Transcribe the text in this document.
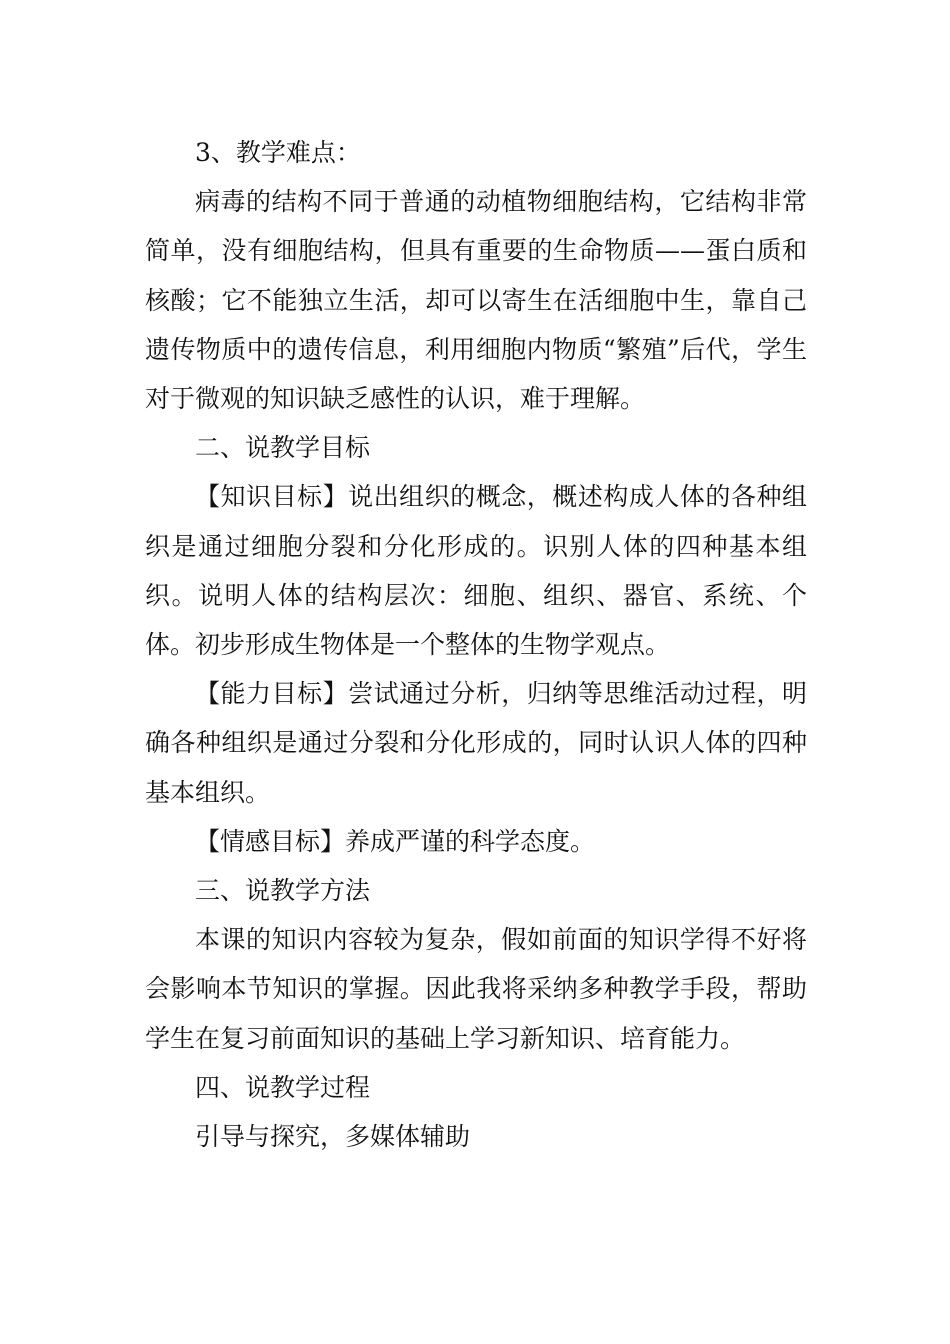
3、教学难点：

病毒的结构不同于普通的动植物细胞结构，它结构非常简单，没有细胞结构，但具有重要的生命物质——蛋白质和核酸；它不能独立生活，却可以寄生在活细胞中生，靠自己遗传物质中的遗传信息，利用细胞内物质“繁殖”后代，学生对于微观的知识缺乏感性的认识，难于理解。

二、说教学目标

【知识目标】说出组织的概念，概述构成人体的各种组织是通过细胞分裂和分化形成的。识别人体的四种基本组织。说明人体的结构层次：细胞、组织、器官、系统、个体。初步形成生物体是一个整体的生物学观点。

【能力目标】尝试通过分析，归纳等思维活动过程，明确各种组织是通过分裂和分化形成的，同时认识人体的四种基本组织。

【情感目标】养成严谨的科学态度。

三、说教学方法

本课的知识内容较为复杂，假如前面的知识学得不好将会影响本节知识的掌握。因此我将采纳多种教学手段，帮助学生在复习前面知识的基础上学习新知识、培育能力。

四、说教学过程

引导与探究，多媒体辅助
